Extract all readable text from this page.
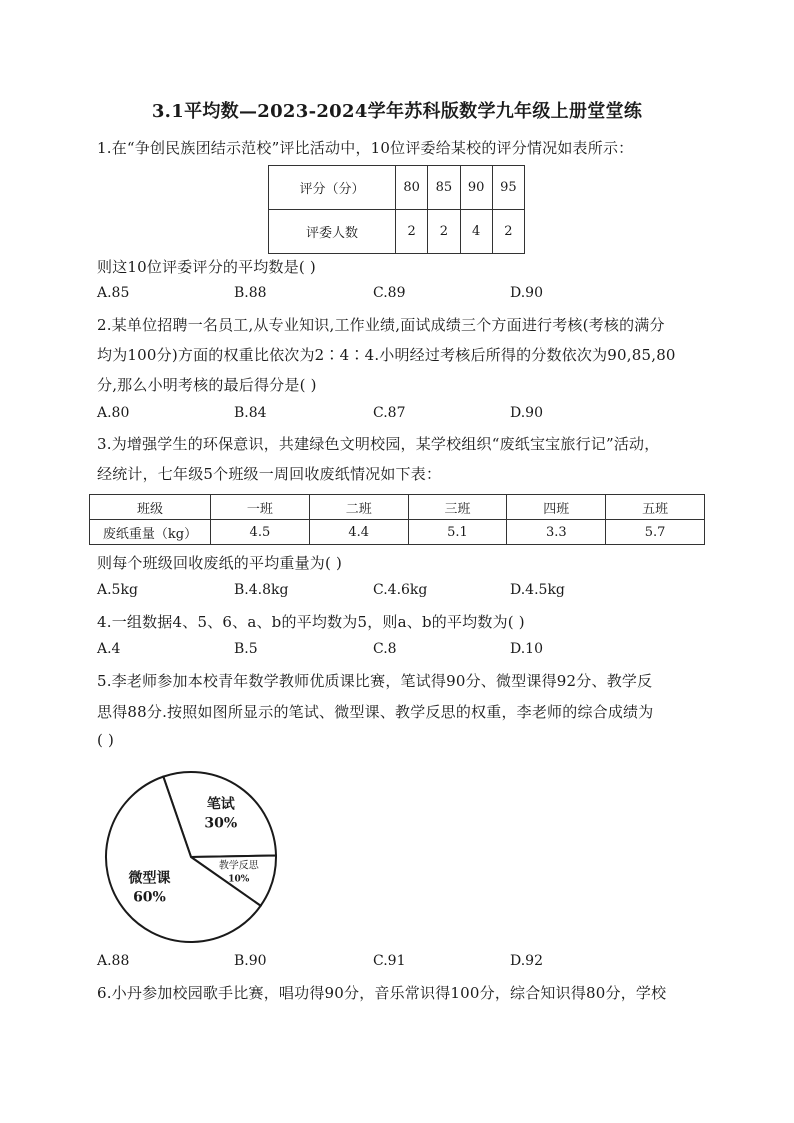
3.1平均数—2023-2024学年苏科版数学九年级上册堂堂练
1.在“争创民族团结示范校”评比活动中，10位评委给某校的评分情况如表所示：
评分（分）	80	85	90	95
评委人数	2	2	4	2
则这10位评委评分的平均数是( )
A.85	B.88	C.89	D.90
2.某单位招聘一名员工,从专业知识,工作业绩,面试成绩三个方面进行考核(考核的满分
均为100分)方面的权重比依次为2∶4∶4.小明经过考核后所得的分数依次为90,85,80
分,那么小明考核的最后得分是( )
A.80	B.84	C.87	D.90
3.为增强学生的环保意识，共建绿色文明校园，某学校组织“废纸宝宝旅行记”活动，
经统计，七年级5个班级一周回收废纸情况如下表：
班级	一班	二班	三班	四班	五班
废纸重量（kg）	4.5	4.4	5.1	3.3	5.7
则每个班级回收废纸的平均重量为( )
A.5kg	B.4.8kg	C.4.6kg	D.4.5kg
4.一组数据4、5、6、a、b的平均数为5，则a、b的平均数为( )
A.4	B.5	C.8	D.10
5.李老师参加本校青年数学教师优质课比赛，笔试得90分、微型课得92分、教学反
思得88分.按照如图所显示的笔试、微型课、教学反思的权重，李老师的综合成绩为
( )
笔试
30%
教学反思
10%
微型课
60%
A.88	B.90	C.91	D.92
6.小丹参加校园歌手比赛，唱功得90分，音乐常识得100分，综合知识得80分，学校
